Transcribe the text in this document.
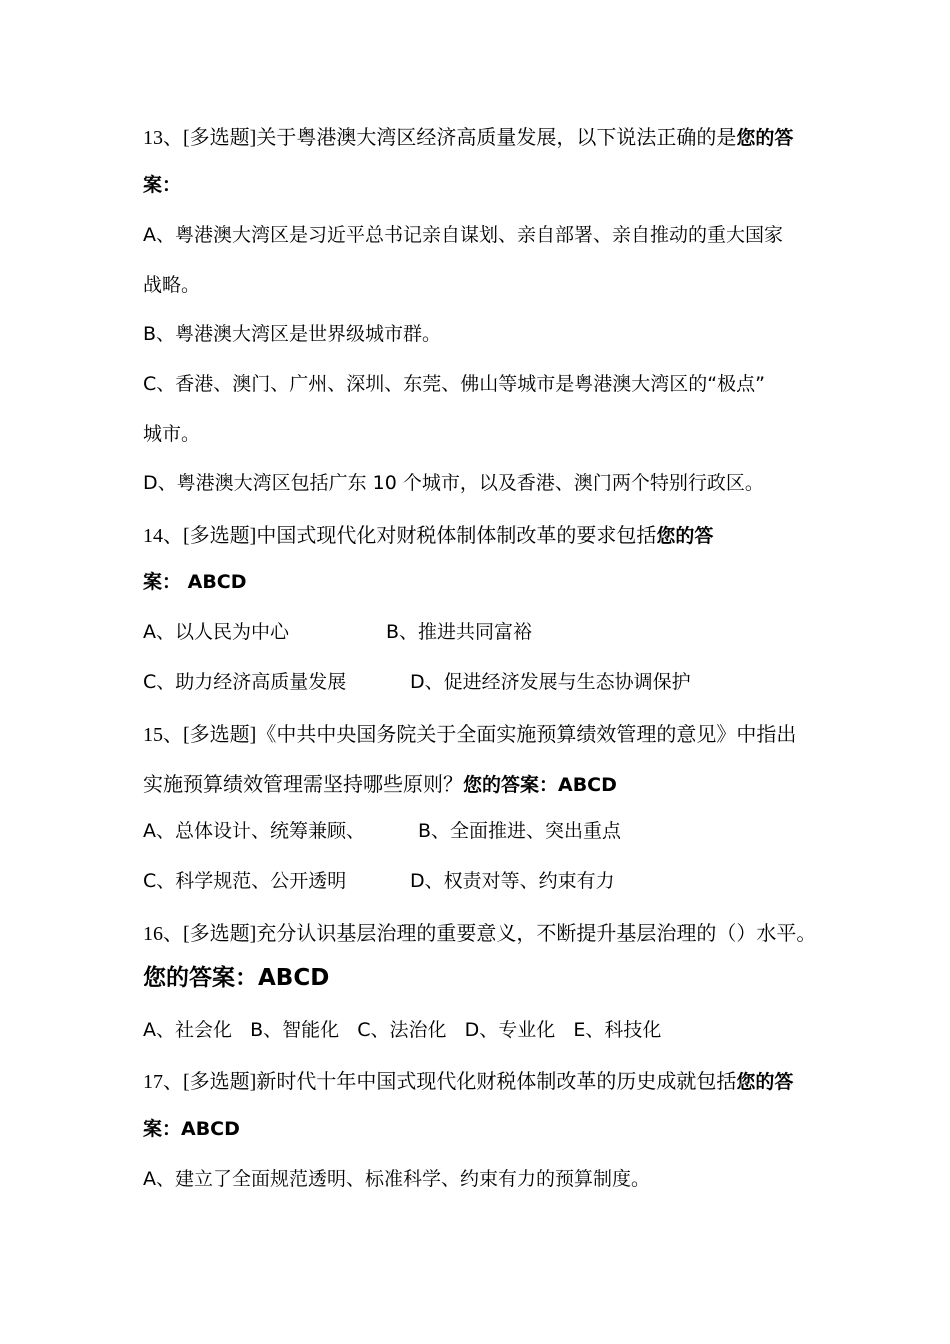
13、[多选题]关于粤港澳大湾区经济高质量发展，以下说法正确的是您的答
案：
A、粤港澳大湾区是习近平总书记亲自谋划、亲自部署、亲自推动的重大国家
战略。
B、粤港澳大湾区是世界级城市群。
C、香港、澳门、广州、深圳、东莞、佛山等城市是粤港澳大湾区的“极点”
城市。
D、粤港澳大湾区包括广东 10 个城市，以及香港、澳门两个特别行政区。
14、[多选题]中国式现代化对财税体制体制改革的要求包括您的答
案： ABCD
A、以人民为中心	B、推进共同富裕
C、助力经济高质量发展	D、促进经济发展与生态协调保护
15、[多选题]《中共中央国务院关于全面实施预算绩效管理的意见》中指出
实施预算绩效管理需坚持哪些原则？您的答案：ABCD
A、总体设计、统筹兼顾、	B、全面推进、突出重点
C、科学规范、公开透明	D、权责对等、约束有力
16、[多选题]充分认识基层治理的重要意义，不断提升基层治理的（）水平。
您的答案：ABCD
A、社会化   B、智能化   C、法治化   D、专业化   E、科技化
17、[多选题]新时代十年中国式现代化财税体制改革的历史成就包括您的答
案：ABCD
A、建立了全面规范透明、标准科学、约束有力的预算制度。
